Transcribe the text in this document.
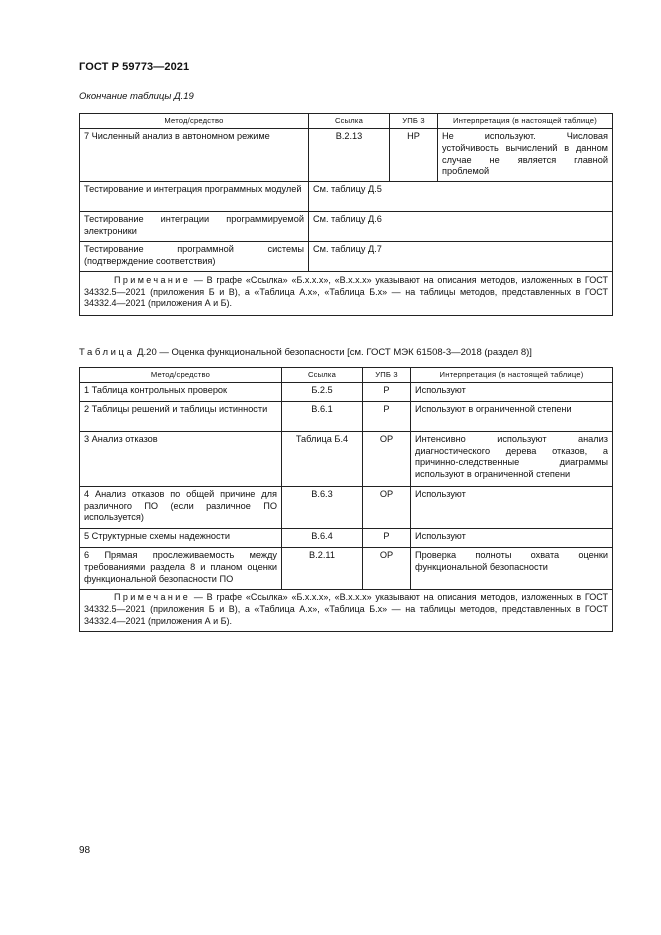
ГОСТ Р 59773—2021
Окончание таблицы Д.19
Метод/средство	Ссылка	УПБ 3	Интерпретация (в настоящей таблице)
7 Численный анализ в автономном режиме	В.2.13	HP	Не используют. Числовая устойчивость вычислений в данном случае не является главной проблемой
Тестирование и интеграция программных модулей	См. таблицу Д.5		
Тестирование интеграции программируемой электроники	См. таблицу Д.6		
Тестирование программной системы (подтверждение соответствия)	См. таблицу Д.7		
Примечание — В графе «Ссылка» «Б.х.х.х», «В.х.х.х» указывают на описания методов, изложенных в ГОСТ 34332.5—2021 (приложения Б и В), а «Таблица А.х», «Таблица Б.х» — на таблицы методов, представленных в ГОСТ 34332.4—2021 (приложения А и Б).			
Таблица Д.20 — Оценка функциональной безопасности [см. ГОСТ МЭК 61508-3—2018 (раздел 8)]
Метод/средство	Ссылка	УПБ 3	Интерпретация (в настоящей таблице)
1 Таблица контрольных проверок	Б.2.5	Р	Используют
2 Таблицы решений и таблицы истинности	В.6.1	Р	Используют в ограниченной степени
3 Анализ отказов	Таблица Б.4	ОР	Интенсивно используют анализ диагностического дерева отказов, а причинно-следственные диаграммы используют в ограниченной степени
4 Анализ отказов по общей причине для различного ПО (если различное ПО используется)	В.6.3	ОР	Используют
5 Структурные схемы надежности	В.6.4	Р	Используют
6 Прямая прослеживаемость между требованиями раздела 8 и планом оценки функциональной безопасности ПО	В.2.11	ОР	Проверка полноты охвата оценки функциональной безопасности
Примечание — В графе «Ссылка» «Б.х.х.х», «В.х.х.х» указывают на описания методов, изложенных в ГОСТ 34332.5—2021 (приложения Б и В), а «Таблица А.х», «Таблица Б.х» — на таблицы методов, представленных в ГОСТ 34332.4—2021 (приложения А и Б).			
98
